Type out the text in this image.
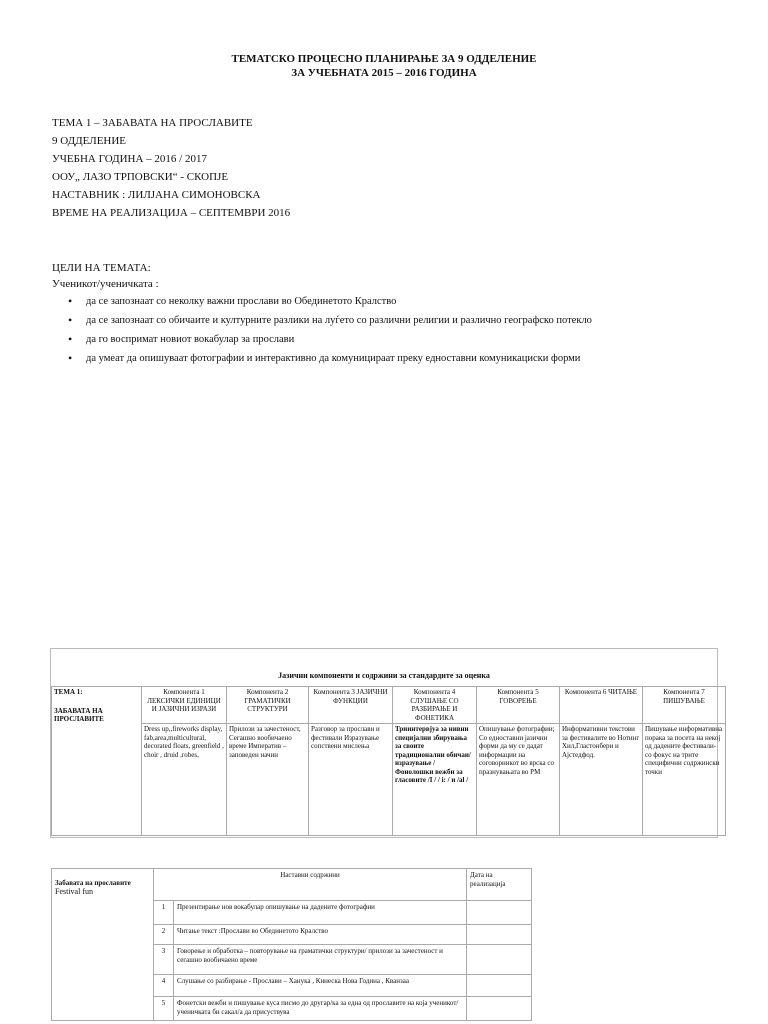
ТЕМАТСКО ПРОЦЕСНО ПЛАНИРАЊЕ ЗА 9 ОДДЕЛЕНИЕ
ЗА УЧЕБНАТА 2015 – 2016 ГОДИНА
ТЕМА 1 – ЗАБАВАТА НА ПРОСЛАВИТЕ
9 ОДДЕЛЕНИЕ
УЧЕБНА ГОДИНА – 2016 / 2017
ООУ„ ЛАЗО ТРПОВСКИ“ - СКОПЈЕ
НАСТАВНИК : ЛИЛЈАНА СИМОНОВСКА
ВРЕМЕ НА РЕАЛИЗАЦИЈА – СЕПТЕМВРИ 2016
ЦЕЛИ НА ТЕМАТА:
Ученикот/ученичката :
• да се запознаат со неколку важни прослави во Обединетото Кралство
• да се запознаат со обичаите и културните разлики на луѓето со различни религии и различно географско потекло
• да го воспримат новиот вокабулар за прослави
• да умеат да опишуваат фотографии и интерактивно да комуницираат преку едноставни комуникациски форми
Јазични компоненти и содржини за стандардите за оценка
ТЕМА 1:
ЗАБАВАТА НА ПРОСЛАВИТЕ	Компонента 1 ЛЕКСИЧКИ ЕДИНИЦИ И ЈАЗИЧНИ ИЗРАЗИ	Компонента 2 ГРАМАТИЧКИ СТРУКТУРИ	Компонента 3 ЈАЗИЧНИ ФУНКЦИИ	Компонента 4 СЛУШАЊЕ СО РАЗБИРАЊЕ И ФОНЕТИКА	Компонента 5 ГОВОРЕЊЕ	Компонента 6 ЧИТАЊЕ	Компонента 7 ПИШУВАЊЕ
	Dress up,,fireworks display, fab,area,multicultural, decorated floats, greenfield , choir , druid ,robes,	Прилози за зачестеност, Сегашно вообичаено време Императив – заповеден начин	Разговор за прослави и фестивали Изразување сопствени мислења	Триинтервјуа за нивни специјални збирувања за своите традиционални обичаи/изразување / Фонолошки вежби за гласовите /I / / i: / и /al /	Опишување фотографии; Со едноставни јазични форми да му се дадат информации на соговорникот во врска со празнувањата во РМ	Информативни текстови за фестивалите во Нотинг Хил,Гластонбери и Ајстедфод.	Пишување информативна порака за посета на некој од дадените фестивали- со фокус на трите специфични содржински точки
Забавата на прославите
Festival fun	Наставни содржини		Дата на реализација
	1	Презентирање нов вокабулар опишување на дадените фотографии	
	2	Читање текст :Прослави во Обединетото Кралство	
	3	Говорење и обработка – повторување на граматички структури/ прилози за зачестеност и сегашно вообичаено време	
	4	Слушање со разбирање - Прослави – Ханука , Кинеска Нова Година , Кванзаа	
	5	Фонетски вежби и пишување куса писмо до другар/ка за една од прославите на која ученикот/ученичката би сакал/а да присуствува	
